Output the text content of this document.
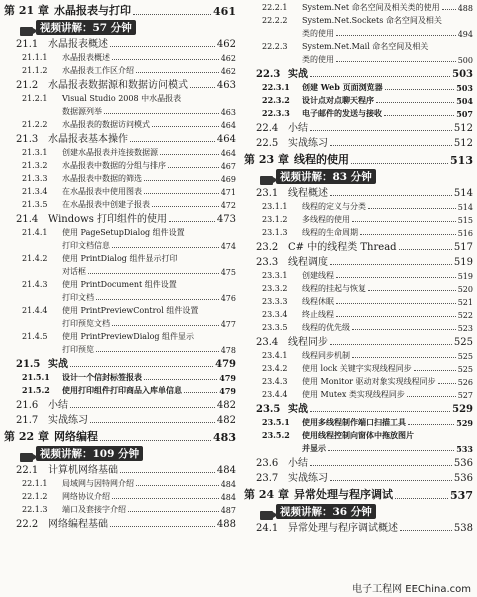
第 21 章 水晶报表与打印	461
视频讲解：57 分钟
21.1 水晶报表概述	462
21.1.1 水晶报表概述	462
21.1.2 水晶报表工作区介绍	462
21.2 水晶报表数据源和数据访问模式	463
21.2.1 Visual Studio 2008 中水晶报表
数据源列举	463
21.2.2 水晶报表的数据访问模式	464
21.3 水晶报表基本操作	464
21.3.1 创建水晶报表并连接数据源	464
21.3.2 水晶报表中数据的分组与排序	467
21.3.3 水晶报表中数据的筛选	469
21.3.4 在水晶报表中使用图表	471
21.3.5 在水晶报表中创建子报表	472
21.4 Windows 打印组件的使用	473
21.4.1 使用 PageSetupDialog 组件设置
打印文档信息	474
21.4.2 使用 PrintDialog 组件显示打印
对话框	475
21.4.3 使用 PrintDocument 组件设置
打印文档	476
21.4.4 使用 PrintPreviewControl 组件设置
打印预览文档	477
21.4.5 使用 PrintPreviewDialog 组件显示
打印预览	478
21.5 实战	479
21.5.1 设计一个信封标签报表	479
21.5.2 使用打印组件打印商品入库单信息	479
21.6 小结	482
21.7 实战练习	482
第 22 章 网络编程	483
视频讲解：109 分钟
22.1 计算机网络基础	484
22.1.1 局域网与因特网介绍	484
22.1.2 网络协议介绍	484
22.1.3 端口及套接字介绍	487
22.2 网络编程基础	488
22.2.1 System.Net 命名空间及相关类的使用 488
22.2.2 System.Net.Sockets 命名空间及相关
类的使用	494
22.2.3 System.Net.Mail 命名空间及相关
类的使用	500
22.3 实战	503
22.3.1 创建 Web 页面浏览器	503
22.3.2 设计点对点聊天程序	504
22.3.3 电子邮件的发送与接收	507
22.4 小结	512
22.5 实战练习	512
第 23 章 线程的使用	513
视频讲解：83 分钟
23.1 线程概述	514
23.1.1 线程的定义与分类	514
23.1.2 多线程的使用	515
23.1.3 线程的生命周期	516
23.2 C# 中的线程类 Thread	517
23.3 线程调度	519
23.3.1 创建线程	519
23.3.2 线程的挂起与恢复	520
23.3.3 线程休眠	521
23.3.4 终止线程	522
23.3.5 线程的优先级	523
23.4 线程同步	525
23.4.1 线程同步机制	525
23.4.2 使用 lock 关键字实现线程同步	525
23.4.3 使用 Monitor 驱动对象实现线程同步	526
23.4.4 使用 Mutex 类实现线程同步	527
23.5 实战	529
23.5.1 使用多线程制作端口扫描工具	529
23.5.2 使用线程控制向窗体中拖放图片
并显示	533
23.6 小结	536
23.7 实战练习	536
第 24 章 异常处理与程序调试	537
视频讲解：36 分钟
24.1 异常处理与程序调试概述	538
电子工程网 EEChina.com
